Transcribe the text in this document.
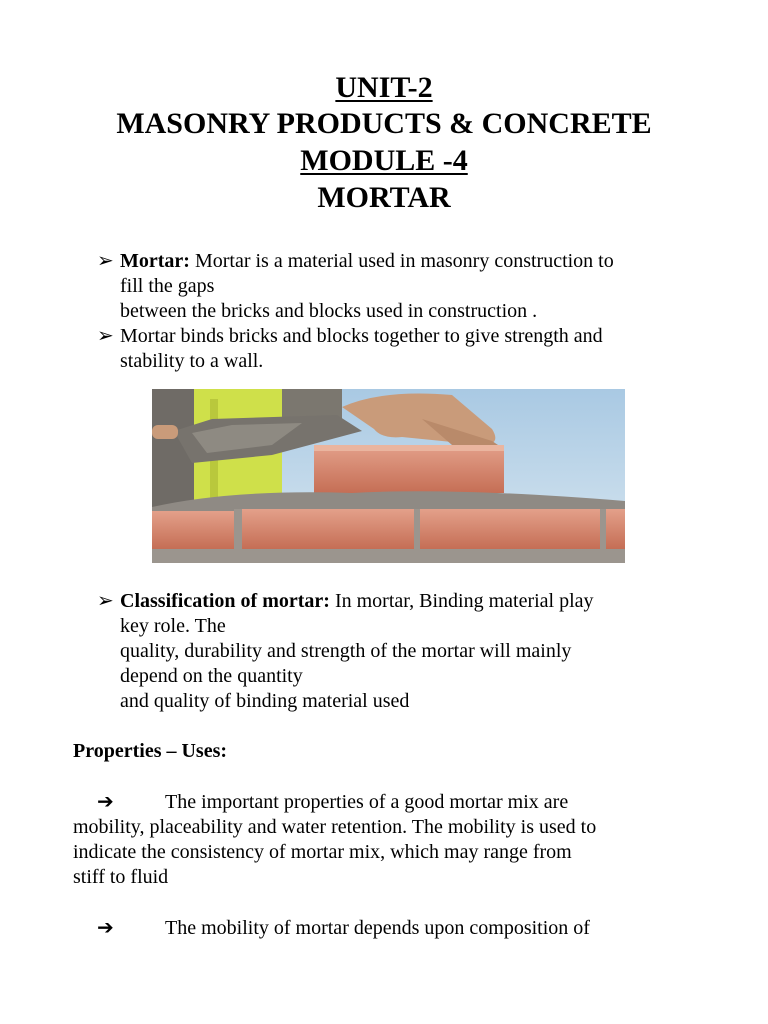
UNIT-2
MASONRY PRODUCTS & CONCRETE
MODULE -4
MORTAR
➢ Mortar: Mortar is a material used in masonry construction to
fill the gaps
between the bricks and blocks used in construction .
➢ Mortar binds bricks and blocks together to give strength and
stability to a wall.
➢ Classification of mortar: In mortar, Binding material play
key role. The
quality, durability and strength of the mortar will mainly
depend on the quantity
and quality of binding material used
Properties – Uses:
➔	The important properties of a good mortar mix are
mobility, placeability and water retention. The mobility is used to
indicate the consistency of mortar mix, which may range from
stiff to fluid
➔	The mobility of mortar depends upon composition of
